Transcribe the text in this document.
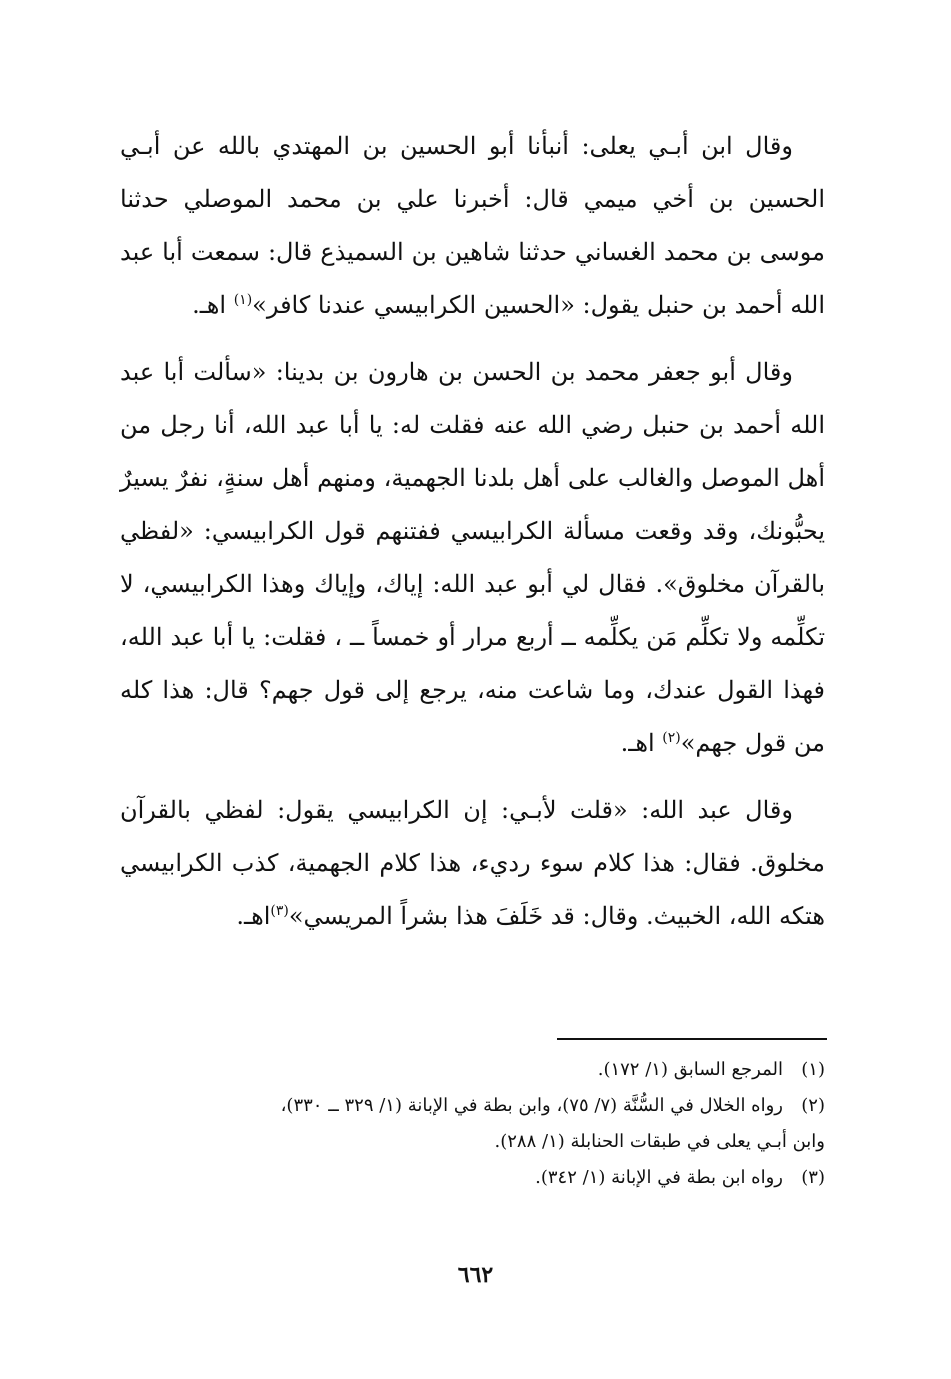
وقال ابن أبـي يعلى: أنبأنا أبو الحسين بن المهتدي بالله عن أبـي الحسين بن أخي ميمي قال: أخبرنا علي بن محمد الموصلي حدثنا موسى بن محمد الغساني حدثنا شاهين بن السميذع قال: سمعت أبا عبد الله أحمد بن حنبل يقول: «الحسين الكرابيسي عندنا كافر»$^{(١)}$ اهـ.

وقال أبو جعفر محمد بن الحسن بن هارون بن بدينا: «سألت أبا عبد الله أحمد بن حنبل رضي الله عنه فقلت له: يا أبا عبد الله، أنا رجل من أهل الموصل والغالب على أهل بلدنا الجهمية، ومنهم أهل سنةٍ، نفرٌ يسيرٌ يحبُّونك، وقد وقعت مسألة الكرابيسي ففتنهم قول الكرابيسي: «لفظي بالقرآن مخلوق». فقال لي أبو عبد الله: إياك، وإياك وهذا الكرابيسي، لا تكلِّمه ولا تكلِّم مَن يكلِّمه ــ أربع مرار أو خمساً ــ ، فقلت: يا أبا عبد الله، فهذا القول عندك، وما شاعت منه، يرجع إلى قول جهم؟ قال: هذا كله من قول جهم»$^{(٢)}$ اهـ.

وقال عبد الله: «قلت لأبـي: إن الكرابيسي يقول: لفظي بالقرآن مخلوق. فقال: هذا كلام سوء رديء، هذا كلام الجهمية، كذب الكرابيسي هتكه الله، الخبيث. وقال: قد خَلَفَ هذا بشراً المريسي»$^{(٣)}$اهـ.

(١)المرجع السابق (١/ ١٧٢).

(٢)رواه الخلال في السُّنَّة (٧/ ٧٥)، وابن بطة في الإبانة (١/ ٣٢٩ ــ ٣٣٠)،

وابن أبـي يعلى في طبقات الحنابلة (١/ ٢٨٨).

(٣)رواه ابن بطة في الإبانة (١/ ٣٤٢).

٦٦٢
